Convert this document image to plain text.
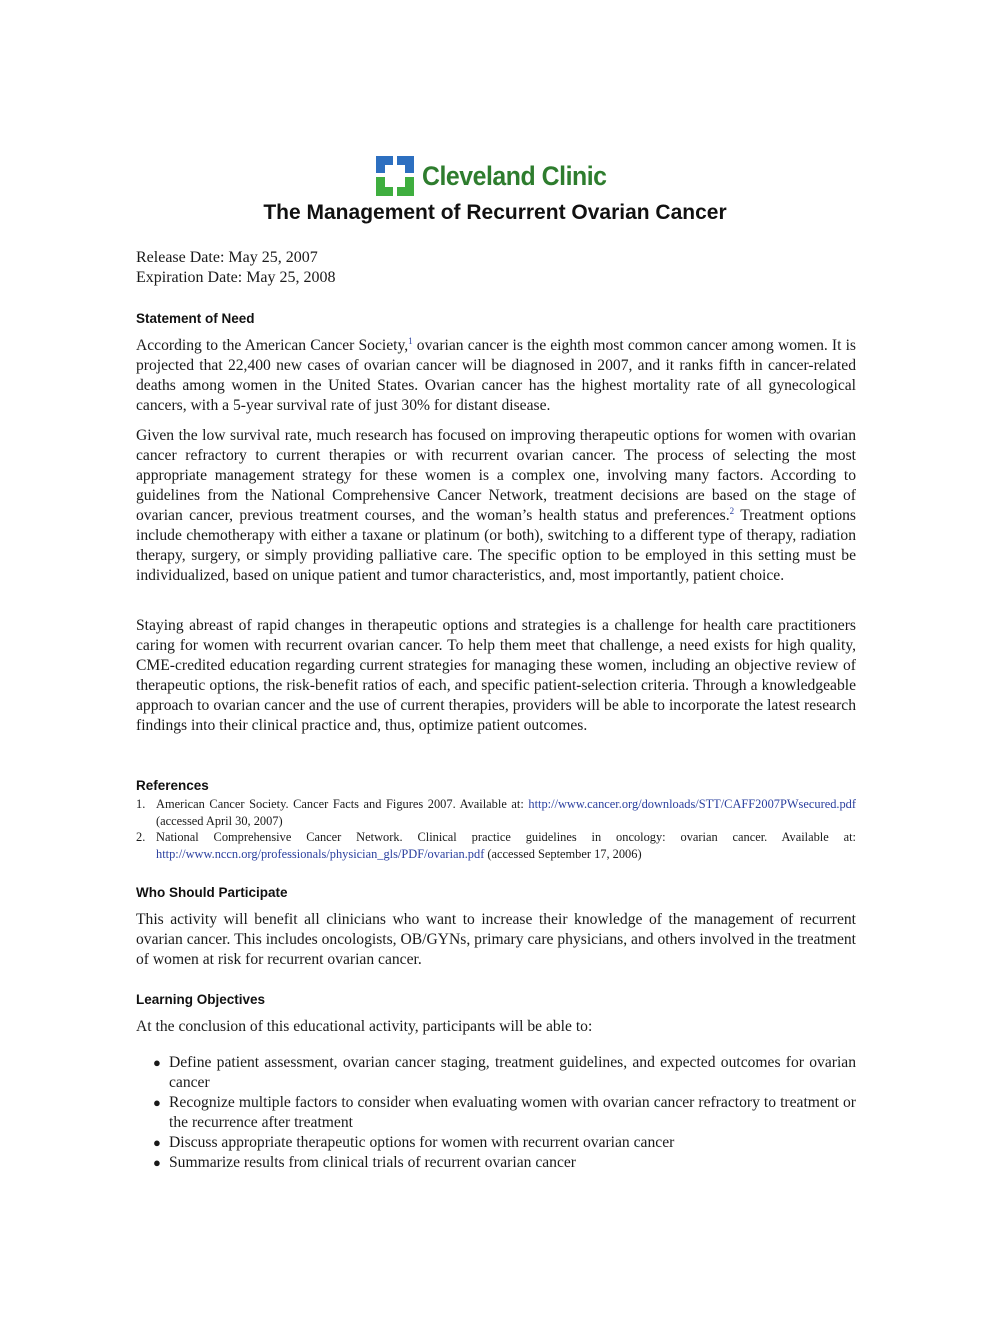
Cleveland Clinic
The Management of Recurrent Ovarian Cancer
Release Date: May 25, 2007
Expiration Date: May 25, 2008
Statement of Need

According to the American Cancer Society,$^1$ ovarian cancer is the eighth most common cancer among women. It is projected that 22,400 new cases of ovarian cancer will be diagnosed in 2007, and it ranks fifth in cancer-related deaths among women in the United States. Ovarian cancer has the highest mortality rate of all gynecological cancers, with a 5-year survival rate of just 30% for distant disease.

Given the low survival rate, much research has focused on improving therapeutic options for women with ovarian cancer refractory to current therapies or with recurrent ovarian cancer. The process of selecting the most appropriate management strategy for these women is a complex one, involving many factors. According to guidelines from the National Comprehensive Cancer Network, treatment decisions are based on the stage of ovarian cancer, previous treatment courses, and the woman’s health status and preferences.$^2$ Treatment options include chemotherapy with either a taxane or platinum (or both), switching to a different type of therapy, radiation therapy, surgery, or simply providing palliative care. The specific option to be employed in this setting must be individualized, based on unique patient and tumor characteristics, and, most importantly, patient choice.

Staying abreast of rapid changes in therapeutic options and strategies is a challenge for health care practitioners caring for women with recurrent ovarian cancer. To help them meet that challenge, a need exists for high quality, CME-credited education regarding current strategies for managing these women, including an objective review of therapeutic options, the risk-benefit ratios of each, and specific patient-selection criteria. Through a knowledgeable approach to ovarian cancer and the use of current therapies, providers will be able to incorporate the latest research findings into their clinical practice and, thus, optimize patient outcomes.

References
1. American Cancer Society. Cancer Facts and Figures 2007. Available at: http://www.cancer.org/downloads/STT/CAFF2007PWsecured.pdf (accessed April 30, 2007)
2. National Comprehensive Cancer Network. Clinical practice guidelines in oncology: ovarian cancer. Available at: http://www.nccn.org/professionals/physician_gls/PDF/ovarian.pdf (accessed September 17, 2006)
Who Should Participate

This activity will benefit all clinicians who want to increase their knowledge of the management of recurrent ovarian cancer. This includes oncologists, OB/GYNs, primary care physicians, and others involved in the treatment of women at risk for recurrent ovarian cancer.

Learning Objectives

At the conclusion of this educational activity, participants will be able to:

● Define patient assessment, ovarian cancer staging, treatment guidelines, and expected outcomes for ovarian cancer
● Recognize multiple factors to consider when evaluating women with ovarian cancer refractory to treatment or the recurrence after treatment
● Discuss appropriate therapeutic options for women with recurrent ovarian cancer
● Summarize results from clinical trials of recurrent ovarian cancer
